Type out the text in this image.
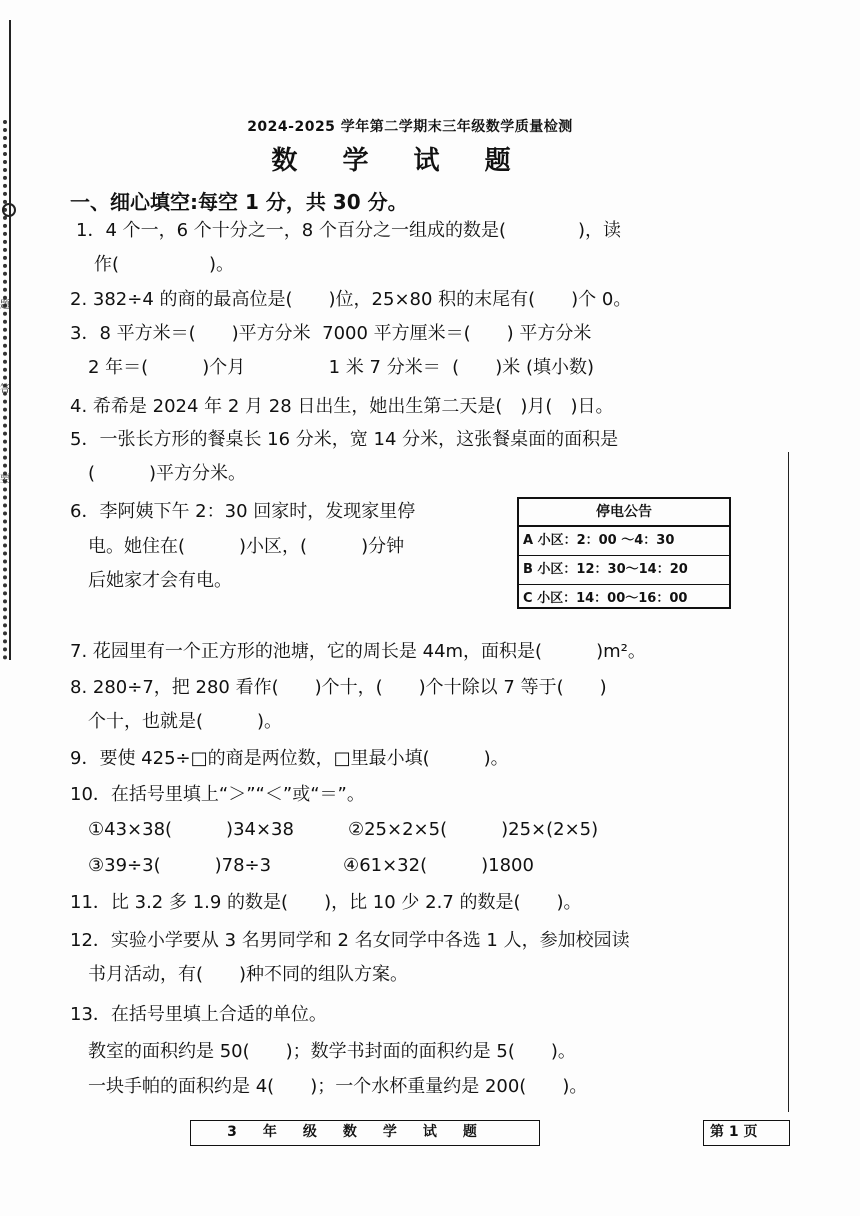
题
答
要
2024-2025 学年第二学期末三年级数学质量检测
数 学 试 题
一、细心填空:每空 1 分，共 30 分。
1．4 个一，6 个十分之一，8 个百分之一组成的数是(　　　　)，读
　作(　　　　　)。
2. 382÷4 的商的最高位是(　　)位，25×80 积的末尾有(　　)个 0。
3．8 平方米＝(　　)平方分米  7000 平方厘米＝(　　) 平方分米
　2 年＝(　　　)个月　　　　  1 米 7 分米＝  (　　)米 (填小数)
4. 希希是 2024 年 2 月 28 日出生，她出生第二天是(　)月(　)日。
5．一张长方形的餐桌长 16 分米，宽 14 分米，这张餐桌面的面积是
　(　　　)平方分米。
6．李阿姨下午 2：30 回家时，发现家里停
　电。她住在(　　　)小区，(　　　)分钟
　后她家才会有电。
停电公告
A 小区：2：00 ～4：30
B 小区：12：30～14：20
C 小区：14：00～16：00
7. 花园里有一个正方形的池塘，它的周长是 44m，面积是(　　　)m²。
8. 280÷7，把 280 看作(　　)个十，(　　)个十除以 7 等于(　　)
　个十，也就是(　　　)。
9．要使 425÷□的商是两位数，□里最小填(　　　)。
10．在括号里填上“＞”“＜”或“＝”。
　①43×38(　　　)34×38　　　②25×2×5(　　　)25×(2×5)
　③39÷3(　　　)78÷3　　　　④61×32(　　　)1800
11．比 3.2 多 1.9 的数是(　　)，比 10 少 2.7 的数是(　　)。
12．实验小学要从 3 名男同学和 2 名女同学中各选 1 人，参加校园读
　书月活动，有(　　)种不同的组队方案。
13．在括号里填上合适的单位。
　教室的面积约是 50(　　)；数学书封面的面积约是 5(　　)。
　一块手帕的面积约是 4(　　)；一个水杯重量约是 200(　　)。
3年级数学试题	第 1 页
